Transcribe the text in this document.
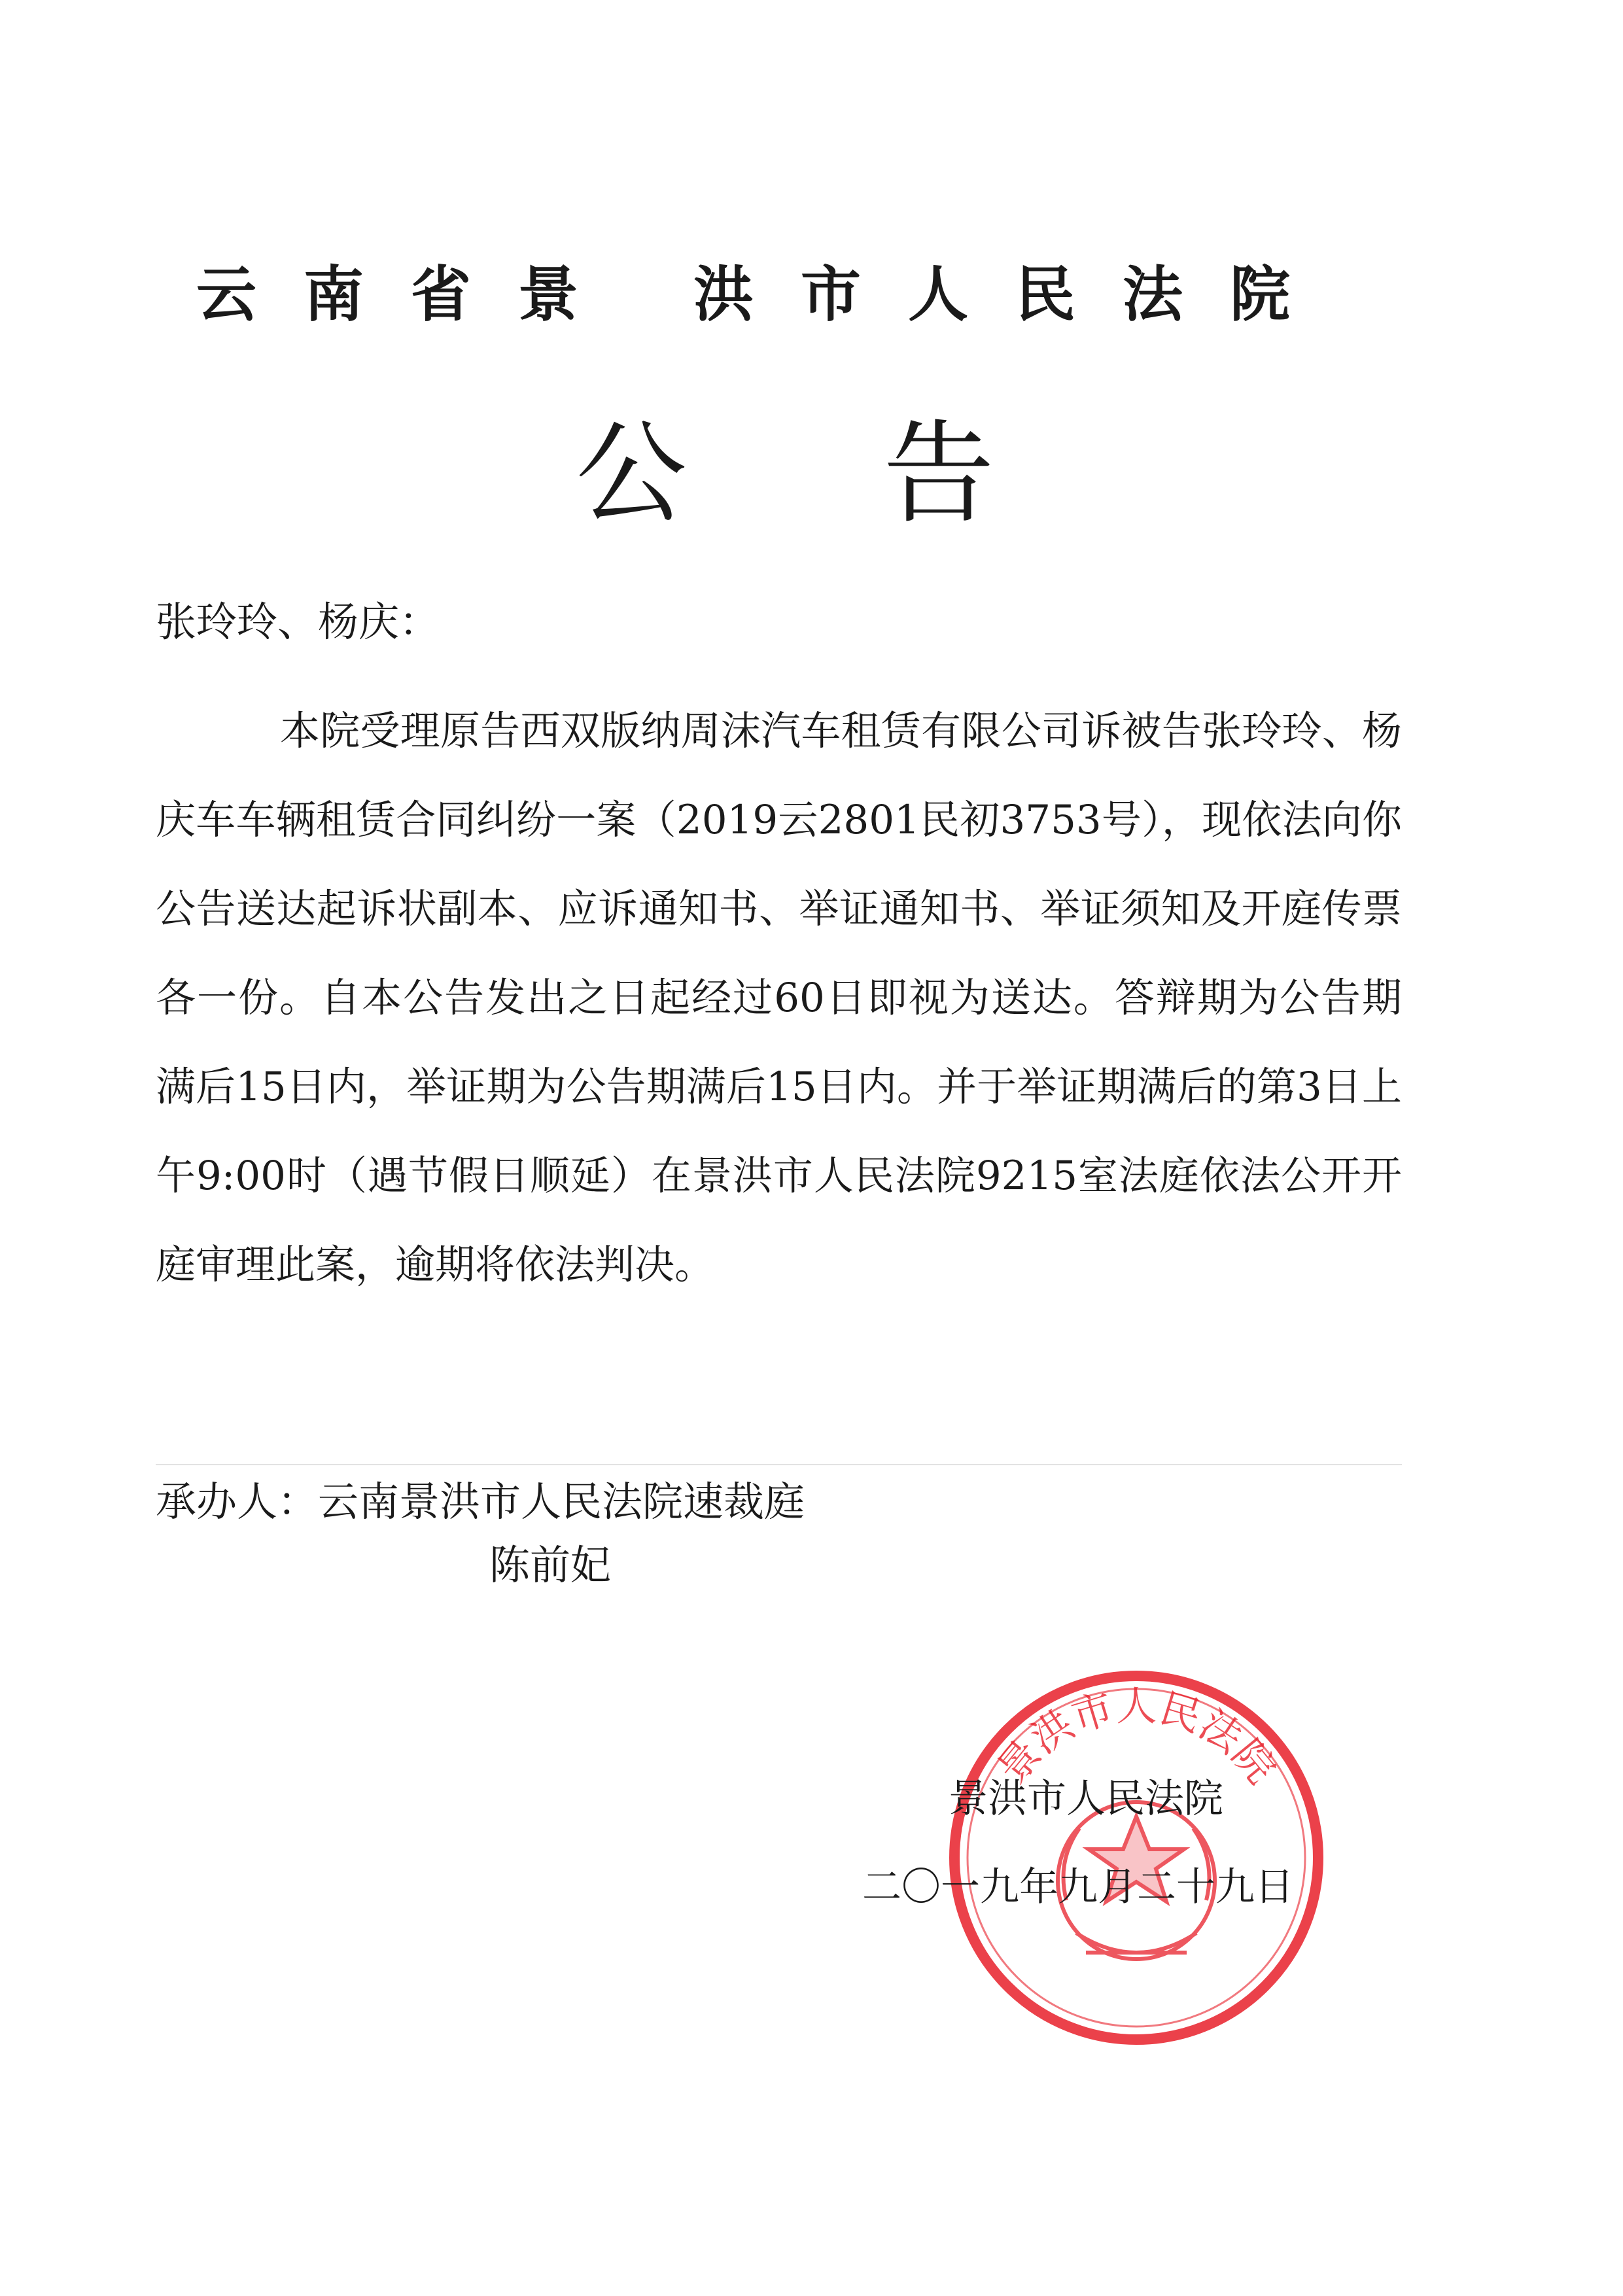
云南省景 洪市人民法院
公告
张玲玲、杨庆：
本院受理原告西双版纳周沫汽车租赁有限公司诉被告张玲玲、杨庆车车辆租赁合同纠纷一案（2019云2801民初3753号），现依法向你公告送达起诉状副本、应诉通知书、举证通知书、举证须知及开庭传票各一份。自本公告发出之日起经过60日即视为送达。答辩期为公告期满后15日内，举证期为公告期满后15日内。并于举证期满后的第3日上午9:00时（遇节假日顺延）在景洪市人民法院9215室法庭依法公开开庭审理此案，逾期将依法判决。
承办人：云南景洪市人民法院速裁庭
陈前妃
景洪市人民法院
景洪市人民法院
二〇一九年九月二十九日
